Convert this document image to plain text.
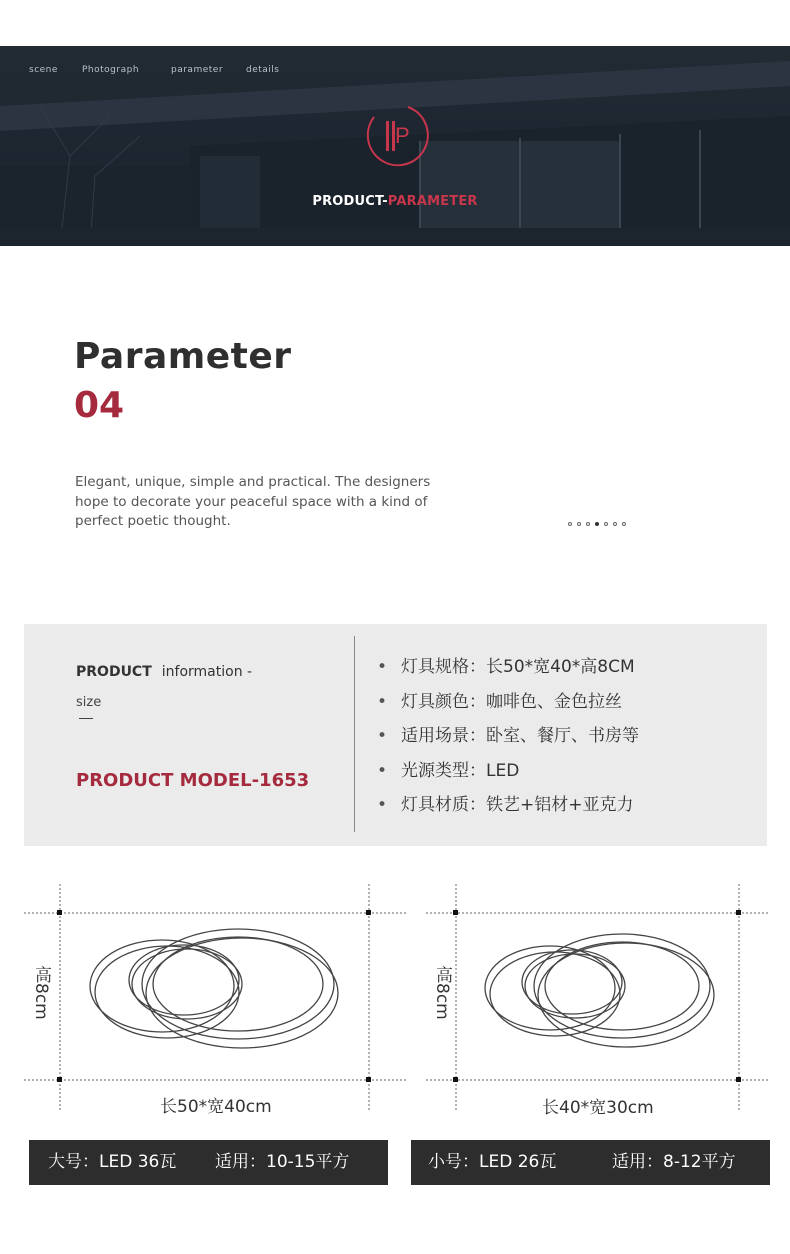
scene	Photograph	parameter	details
P
PRODUCT-PARAMETER
Parameter
04
Elegant, unique, simple and practical. The designers hope to decorate your peaceful space with a kind of perfect poetic thought.
PRODUCT information -
size
PRODUCT MODEL-1653
• 灯具规格：长50*宽40*高8CM
• 灯具颜色：咖啡色、金色拉丝
• 适用场景：卧室、餐厅、书房等
• 光源类型：LED
• 灯具材质：铁艺+铝材+亚克力
高8cm
长50*宽40cm
高8cm
长40*宽30cm
大号：LED 36瓦 适用：10-15平方	小号：LED 26瓦	适用：8-12平方
